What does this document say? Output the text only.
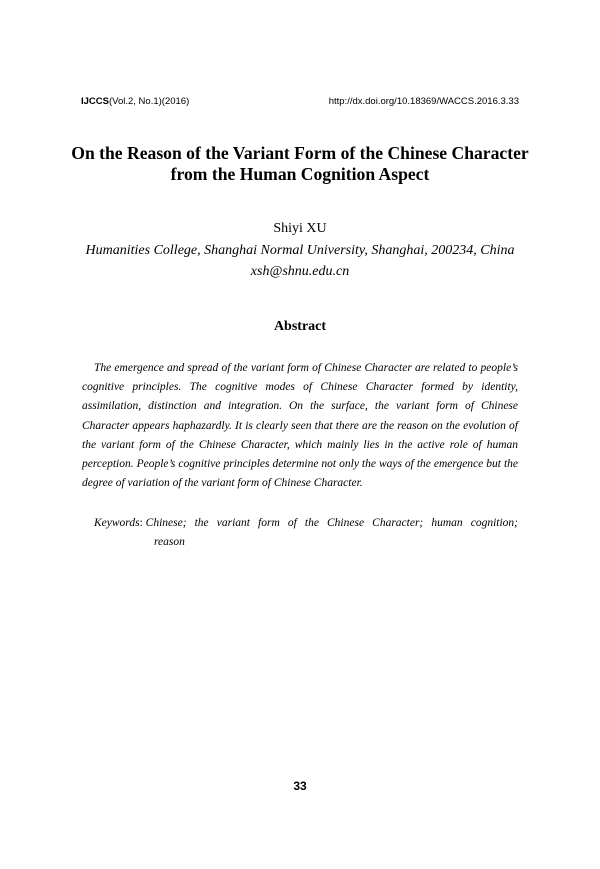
IJCCS(Vol.2, No.1)(2016)	http://dx.doi.org/10.18369/WACCS.2016.3.33
On the Reason of the Variant Form of the Chinese Character
from the Human Cognition Aspect
Shiyi XU
Humanities College, Shanghai Normal University, Shanghai, 200234, China
xsh@shnu.edu.cn
Abstract
The emergence and spread of the variant form of Chinese Character are related to people’s cognitive principles. The cognitive modes of Chinese Character formed by identity, assimilation, distinction and integration. On the surface, the variant form of Chinese Character appears haphazardly. It is clearly seen that there are the reason on the evolution of the variant form of the Chinese Character, which mainly lies in the active role of human perception. People’s cognitive principles determine not only the ways of the emergence but the degree of variation of the variant form of Chinese Character.
Keywords: Chinese; the variant form of the Chinese Character; human cognition;
reason
33
